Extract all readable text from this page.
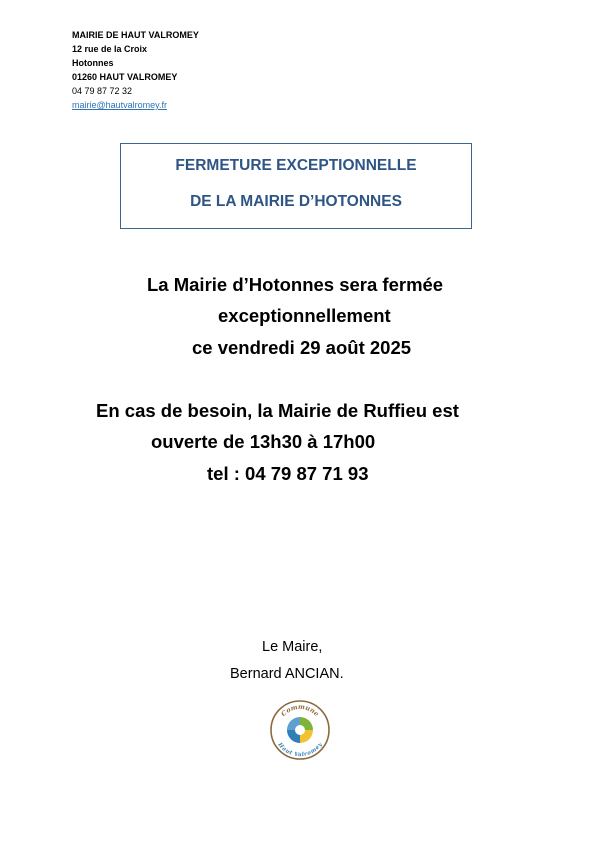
MAIRIE DE HAUT VALROMEY
12 rue de la Croix
Hotonnes
01260 HAUT VALROMEY
04 79 87 72 32
mairie@hautvalromey.fr
FERMETURE EXCEPTIONNELLE
DE LA MAIRIE D’HOTONNES
La Mairie d’Hotonnes sera fermée
exceptionnellement
ce vendredi 29 août 2025
En cas de besoin, la Mairie de Ruffieu est
ouverte de 13h30 à 17h00
tel : 04 79 87 71 93
Le Maire,
Bernard ANCIAN.
Commune
Haut Valromey
